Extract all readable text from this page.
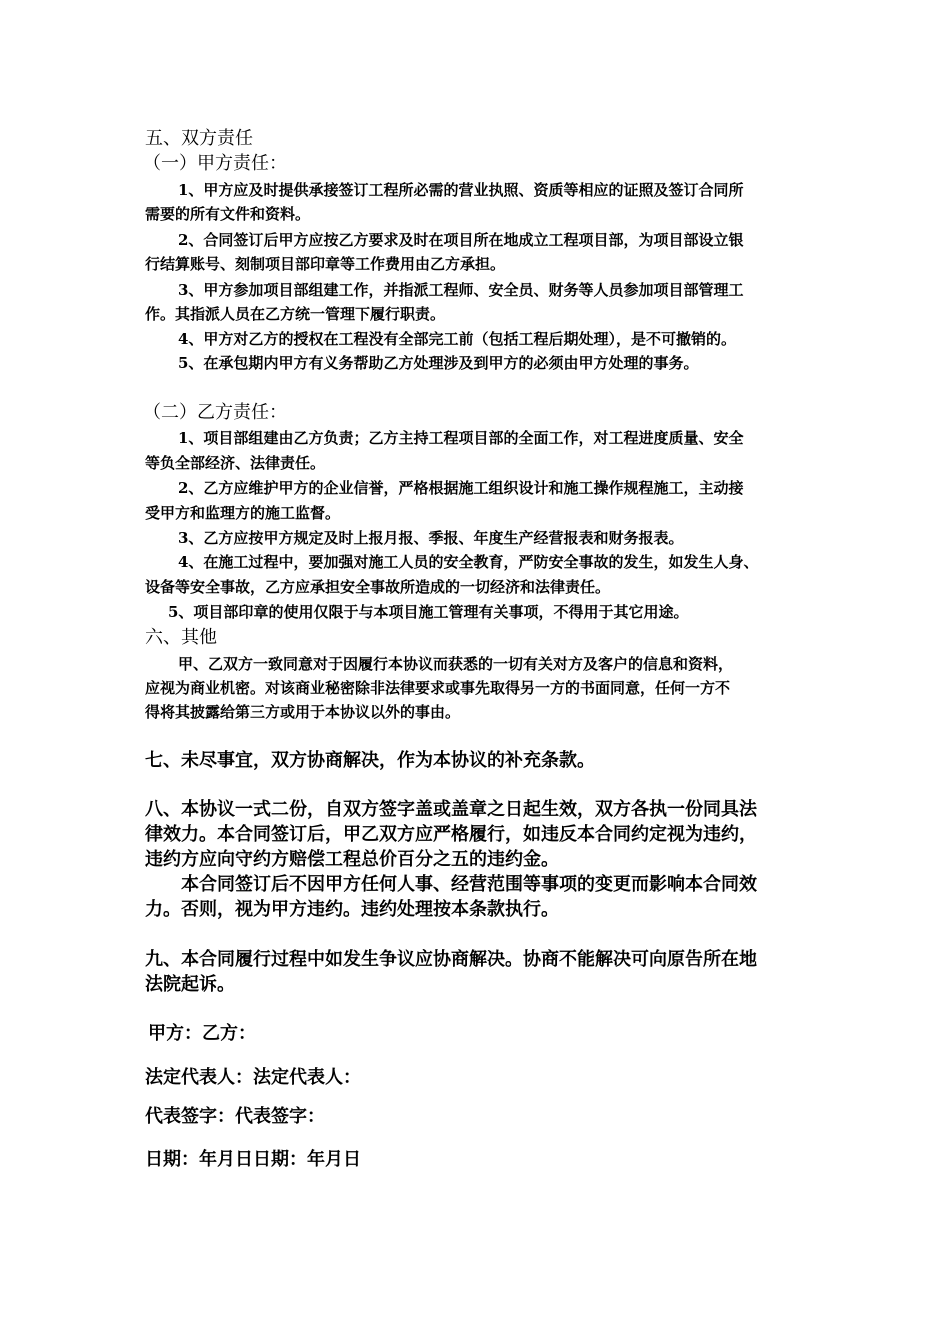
五、双方责任
（一）甲方责任：
1、甲方应及时提供承接签订工程所必需的营业执照、资质等相应的证照及签订合同所
需要的所有文件和资料。
2、合同签订后甲方应按乙方要求及时在项目所在地成立工程项目部，为项目部设立银
行结算账号、刻制项目部印章等工作费用由乙方承担。
3、甲方参加项目部组建工作，并指派工程师、安全员、财务等人员参加项目部管理工
作。其指派人员在乙方统一管理下履行职责。
4、甲方对乙方的授权在工程没有全部完工前（包括工程后期处理），是不可撤销的。
5、在承包期内甲方有义务帮助乙方处理涉及到甲方的必须由甲方处理的事务。
（二）乙方责任：
1、项目部组建由乙方负责；乙方主持工程项目部的全面工作，对工程进度质量、安全
等负全部经济、法律责任。
2、乙方应维护甲方的企业信誉，严格根据施工组织设计和施工操作规程施工，主动接
受甲方和监理方的施工监督。
3、乙方应按甲方规定及时上报月报、季报、年度生产经营报表和财务报表。
4、在施工过程中，要加强对施工人员的安全教育，严防安全事故的发生，如发生人身、
设备等安全事故，乙方应承担安全事故所造成的一切经济和法律责任。
5、项目部印章的使用仅限于与本项目施工管理有关事项，不得用于其它用途。
六、其他
甲、乙双方一致同意对于因履行本协议而获悉的一切有关对方及客户的信息和资料，
应视为商业机密。对该商业秘密除非法律要求或事先取得另一方的书面同意，任何一方不
得将其披露给第三方或用于本协议以外的事由。
七、未尽事宜，双方协商解决，作为本协议的补充条款。
八、本协议一式二份，自双方签字盖或盖章之日起生效，双方各执一份同具法
律效力。本合同签订后，甲乙双方应严格履行，如违反本合同约定视为违约，
违约方应向守约方赔偿工程总价百分之五的违约金。
本合同签订后不因甲方任何人事、经营范围等事项的变更而影响本合同效
力。否则，视为甲方违约。违约处理按本条款执行。
九、本合同履行过程中如发生争议应协商解决。协商不能解决可向原告所在地
法院起诉。
甲方：乙方：
法定代表人：法定代表人：
代表签字：代表签字：
日期：年月日日期：年月日
